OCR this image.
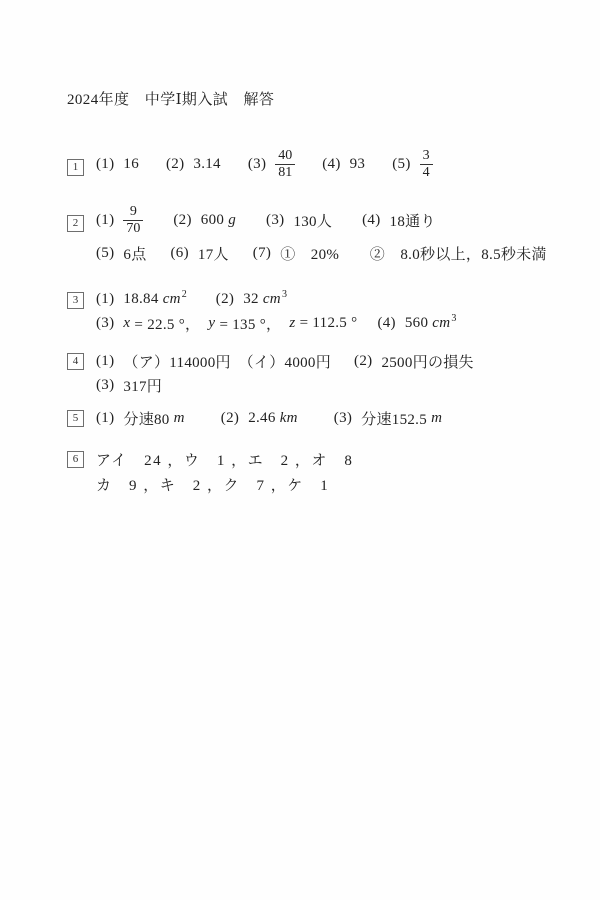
2024年度　中学Ⅰ期入試　解答
1	(1) 16 (2) 3.14 $(3) \frac{40}{81} (4)$ 93 $(5) \frac{3}{4}$
2	$(1) \frac{9}{70} (2)$ 600 g (3) 130人 (4) 18通り
(5) 6点 (6) 17人 (7) ①　20%　　②　8.0秒以上，8.5秒未満
3	(1) 18.84 cm 2 (2) 32 cm 3
(3) x = 22.5 °， y = 135 °， z = 112.5 ° (4) 560 cm 3
4	(1) （ア）114000円　（イ）4000円 (2) 2500円の損失
(3) 317円
5	(1) 分速80 m (2) 2.46 km (3) 分速152.5 m
6	アイ　24 ，ウ　1 ，エ　2 ，オ　8
カ　9 ，キ　2 ，ク　7 ，ケ　1
